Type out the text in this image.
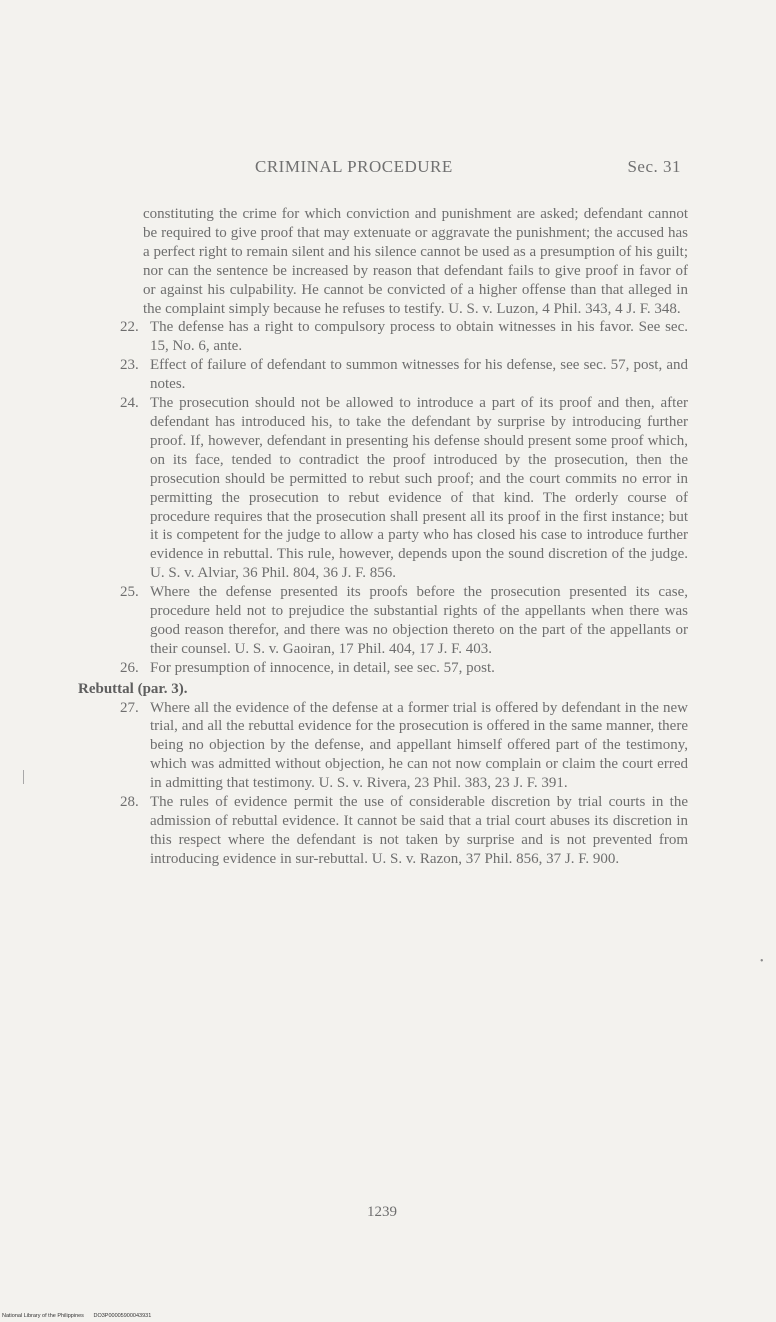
CRIMINAL PROCEDURE	Sec. 31

constituting the crime for which conviction and punishment are asked; defendant cannot be required to give proof that may extenuate or aggravate the punishment; the accused has a perfect right to remain silent and his silence cannot be used as a presumption of his guilt; nor can the sentence be increased by reason that defendant fails to give proof in favor of or against his culpability. He cannot be convicted of a higher offense than that alleged in the complaint simply because he refuses to testify. U. S. v. Luzon, 4 Phil. 343, 4 J. F. 348.

22. The defense has a right to compulsory process to obtain witnesses in his favor. See sec. 15, No. 6, ante.

23. Effect of failure of defendant to summon witnesses for his defense, see sec. 57, post, and notes.

24. The prosecution should not be allowed to introduce a part of its proof and then, after defendant has introduced his, to take the defendant by surprise by introducing further proof. If, however, defendant in presenting his defense should present some proof which, on its face, tended to contradict the proof introduced by the prosecution, then the prosecution should be permitted to rebut such proof; and the court commits no error in permitting the prosecution to rebut evidence of that kind. The orderly course of procedure requires that the prosecution shall present all its proof in the first instance; but it is competent for the judge to allow a party who has closed his case to introduce further evidence in rebuttal. This rule, however, depends upon the sound discretion of the judge. U. S. v. Alviar, 36 Phil. 804, 36 J. F. 856.

25. Where the defense presented its proofs before the prosecution presented its case, procedure held not to prejudice the substantial rights of the appellants when there was good reason therefor, and there was no objection thereto on the part of the appellants or their counsel. U. S. v. Gaoiran, 17 Phil. 404, 17 J. F. 403.

26. For presumption of innocence, in detail, see sec. 57, post.

Rebuttal (par. 3).

27. Where all the evidence of the defense at a former trial is offered by defendant in the new trial, and all the rebuttal evidence for the prosecution is offered in the same manner, there being no objection by the defense, and appellant himself offered part of the testimony, which was admitted without objection, he can not now complain or claim the court erred in admitting that testimony. U. S. v. Rivera, 23 Phil. 383, 23 J. F. 391.

28. The rules of evidence permit the use of considerable discretion by trial courts in the admission of rebuttal evidence. It cannot be said that a trial court abuses its discretion in this respect where the defendant is not taken by surprise and is not prevented from introducing evidence in sur-rebuttal. U. S. v. Razon, 37 Phil. 856, 37 J. F. 900.

1239
•
National Library of the Philippines DO3P00005900043931
